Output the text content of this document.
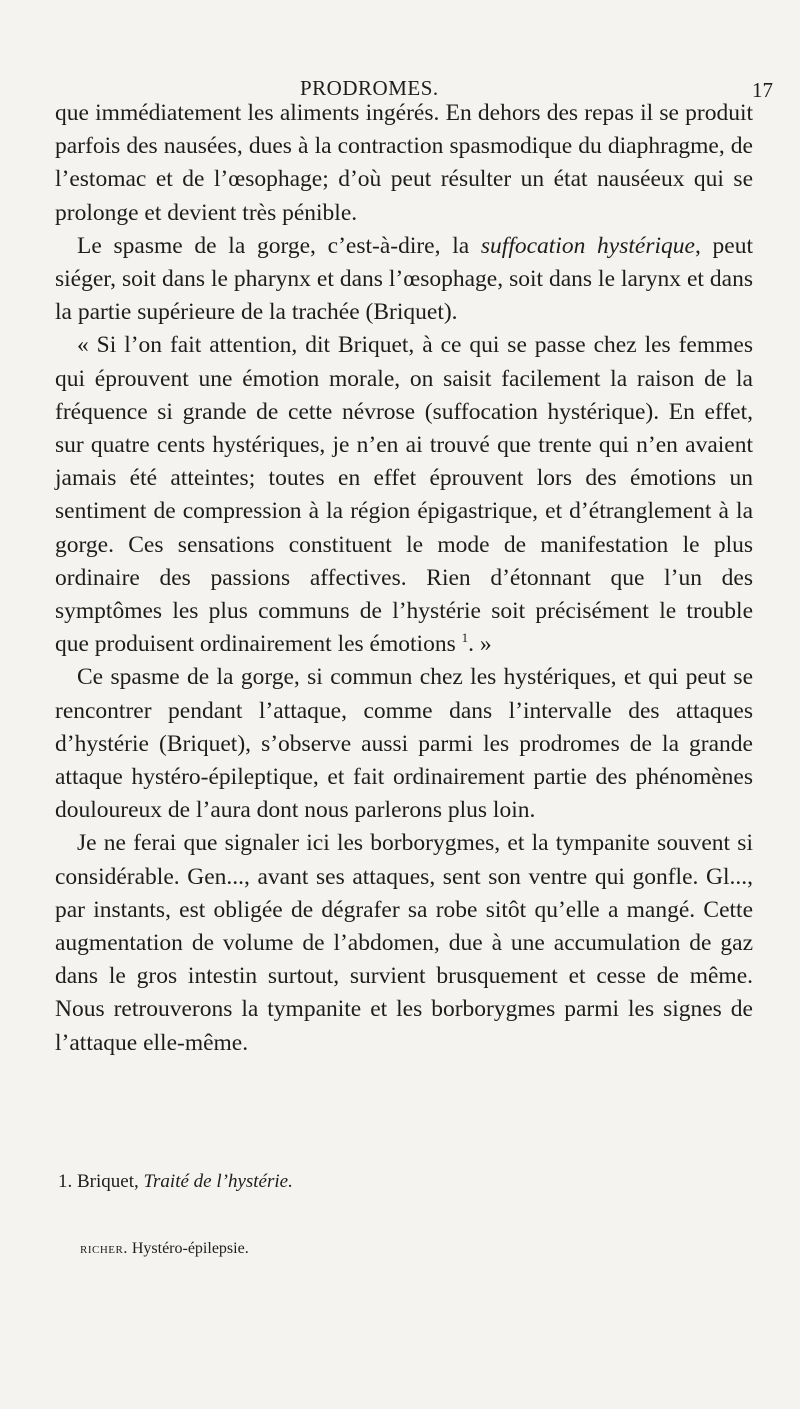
PRODROMES.	17

que immédiatement les aliments ingérés. En dehors des repas il se produit parfois des nausées, dues à la contraction spasmodique du diaphragme, de l’estomac et de l’œsophage; d’où peut résulter un état nauséeux qui se prolonge et devient très pénible.

Le spasme de la gorge, c’est-à-dire, la suffocation hystérique, peut siéger, soit dans le pharynx et dans l’œsophage, soit dans le larynx et dans la partie supérieure de la trachée (Briquet).

« Si l’on fait attention, dit Briquet, à ce qui se passe chez les femmes qui éprouvent une émotion morale, on saisit facilement la raison de la fréquence si grande de cette névrose (suffocation hystérique). En effet, sur quatre cents hystériques, je n’en ai trouvé que trente qui n’en avaient jamais été atteintes; toutes en effet éprouvent lors des émotions un sentiment de compression à la région épigastrique, et d’étranglement à la gorge. Ces sensations constituent le mode de manifestation le plus ordinaire des passions affectives. Rien d’étonnant que l’un des symptômes les plus communs de l’hystérie soit précisément le trouble que produisent ordinairement les émotions $^1$. »

Ce spasme de la gorge, si commun chez les hystériques, et qui peut se rencontrer pendant l’attaque, comme dans l’intervalle des attaques d’hystérie (Briquet), s’observe aussi parmi les prodromes de la grande attaque hystéro-épileptique, et fait ordinairement partie des phénomènes douloureux de l’aura dont nous parlerons plus loin.

Je ne ferai que signaler ici les borborygmes, et la tympanite souvent si considérable. Gen..., avant ses attaques, sent son ventre qui gonfle. Gl..., par instants, est obligée de dégrafer sa robe sitôt qu’elle a mangé. Cette augmentation de volume de l’abdomen, due à une accumulation de gaz dans le gros intestin surtout, survient brusquement et cesse de même. Nous retrouverons la tympanite et les borborygmes parmi les signes de l’attaque elle-même.

1. Briquet, Traité de l’hystérie.
richer. Hystéro-épilepsie.
